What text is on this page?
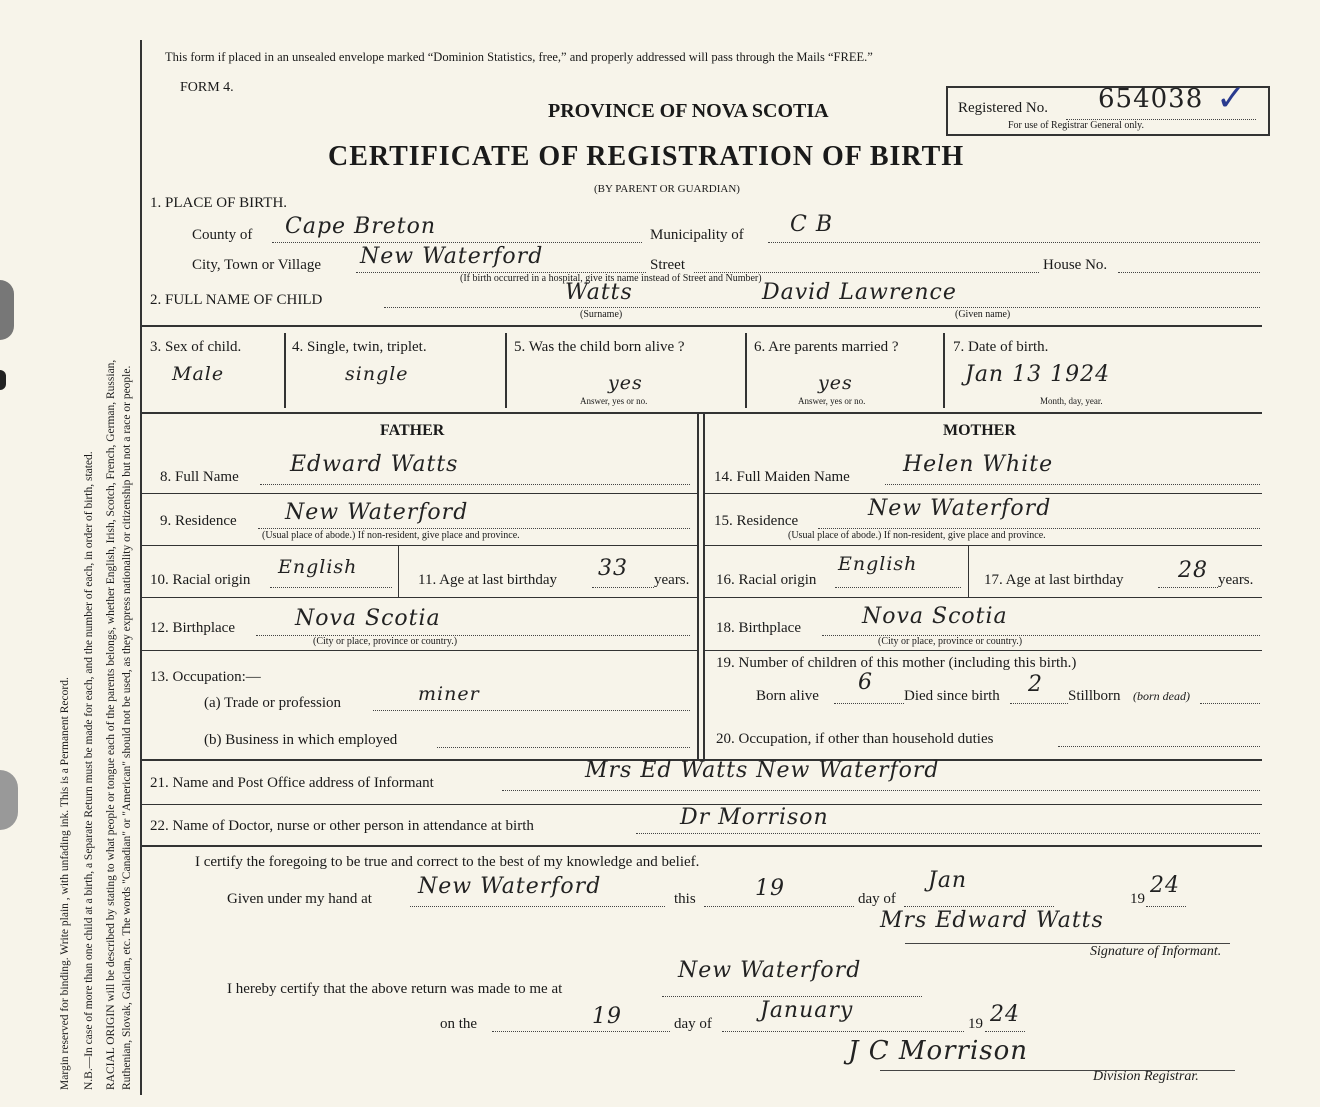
Margin reserved for binding. Write plain , with unfading ink. This is a Permanent Record. N.B.—In case of more than one child at a birth, a Separate Return must be made for each, and the number of each, in order of birth, stated. RACIAL ORIGIN will be described by stating to what people or tongue each of the parents belongs, whether English, Irish, Scotch, French, German, Russian, Ruthenian, Slovak, Galician, etc. The words "Canadian" or "American" should not be used, as they express nationality or citizenship but not a race or people.
This form if placed in an unsealed envelope marked “Dominion Statistics, free,” and properly addressed will pass through the Mails “FREE.”
FORM 4.
PROVINCE OF NOVA SCOTIA
CERTIFICATE OF REGISTRATION OF BIRTH
(BY PARENT OR GUARDIAN)
Registered No. 654038 ✓
For use of Registrar General only.
1. PLACE OF BIRTH.
County of Cape Breton	Municipality of C B
City, Town or Village New Waterford	Street	House No.
(If birth occurred in a hospital, give its name instead of Street and Number)
2. FULL NAME OF CHILD	Watts	David Lawrence
(Surname)	(Given name)
3. Sex of child.
Male
4. Single, twin, triplet.
single
5. Was the child born alive ?
yes
Answer, yes or no.
6. Are parents married ?
yes
Answer, yes or no.
7. Date of birth.
Jan 13 1924
Month, day, year.
FATHER	MOTHER
8. Full Name Edward Watts
9. Residence New Waterford
(Usual place of abode.) If non-resident, give place and province.
10. Racial origin
English
11. Age at last birthday 33 years.
12. Birthplace	Nova Scotia
(City or place, province or country.)
13. Occupation:—
(a) Trade or profession	miner
(b) Business in which employed
14. Full Maiden Name Helen White
15. Residence	New Waterford
(Usual place of abode.) If non-resident, give place and province.
16. Racial origin
English
17. Age at last birthday 28 years.
18. Birthplace	Nova Scotia
(City or place, province or country.)
19. Number of children of this mother (including this birth.)
Born alive
6
Died since birth 2 Stillborn (born dead)
20. Occupation, if other than household duties
21. Name and Post Office address of Informant	Mrs Ed Watts New Waterford
22. Name of Doctor, nurse or other person in attendance at birth	Dr Morrison
I certify the foregoing to be true and correct to the best of my knowledge and belief.
Given under my hand at New Waterford	this	19	day of
Jan
19
24
Mrs Edward Watts
Signature of Informant.
I hereby certify that the above return was made to me at
New Waterford
on the	19	day of
January
19 24
J C Morrison
Division Registrar.
